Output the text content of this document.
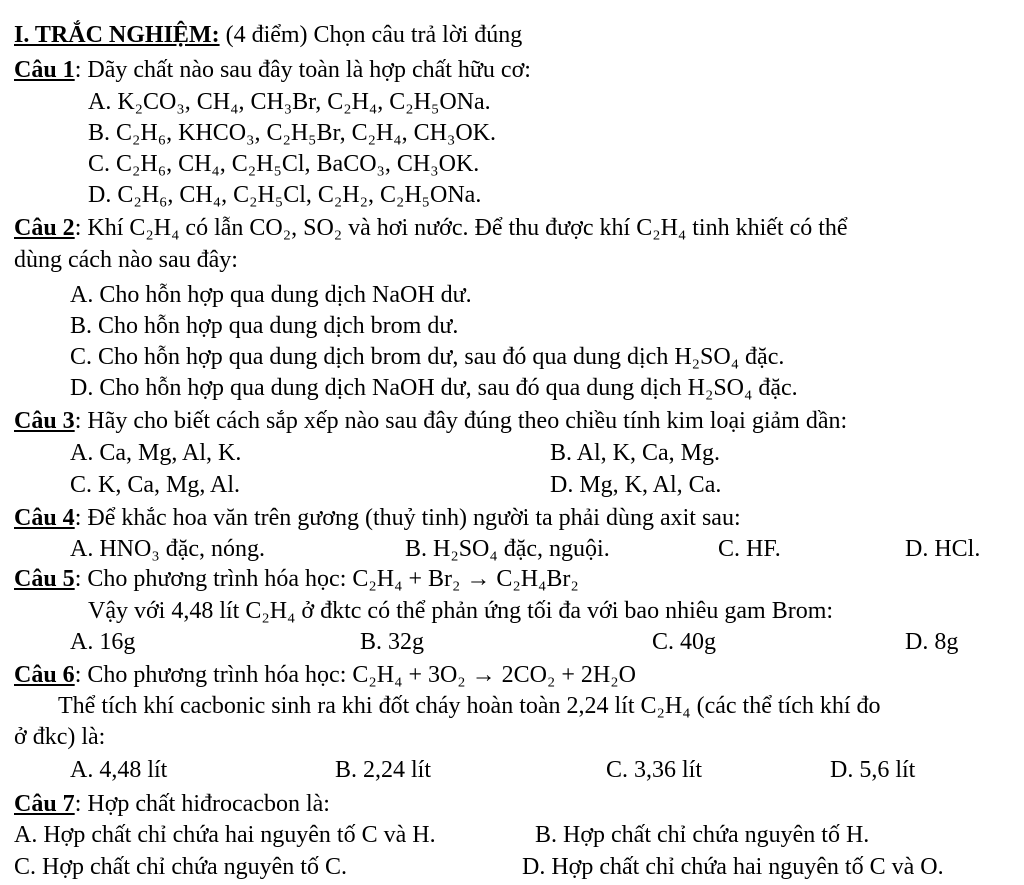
I. TRẮC NGHIỆM: (4 điểm) Chọn câu trả lời đúng
Câu 1: Dãy chất nào sau đây toàn là hợp chất hữu cơ:
A. K₂CO₃, CH₄, CH₃Br, C₂H₄, C₂H₅ONa.
B. C₂H₆, KHCO₃, C₂H₅Br, C₂H₄, CH₃OK.
C. C₂H₆, CH₄, C₂H₅Cl, BaCO₃, CH₃OK.
D. C₂H₆, CH₄, C₂H₅Cl, C₂H₂, C₂H₅ONa.
Câu 2: Khí C₂H₄ có lẫn CO₂, SO₂ và hơi nước. Để thu được khí C₂H₄ tinh khiết có thể
dùng cách nào sau đây:
A. Cho hỗn hợp qua dung dịch NaOH dư.
B. Cho hỗn hợp qua dung dịch brom dư.
C. Cho hỗn hợp qua dung dịch brom dư, sau đó qua dung dịch H₂SO₄ đặc.
D. Cho hỗn hợp qua dung dịch NaOH dư, sau đó qua dung dịch H₂SO₄ đặc.
Câu 3: Hãy cho biết cách sắp xếp nào sau đây đúng theo chiều tính kim loại giảm dần:
A. Ca, Mg, Al, K.	B. Al, K, Ca, Mg.
C. K, Ca, Mg, Al.	D. Mg, K, Al, Ca.
Câu 4: Để khắc hoa văn trên gương (thuỷ tinh) người ta phải dùng axit sau:
A. HNO₃ đặc, nóng.	B. H₂SO₄ đặc, nguội.	C. HF.	D. HCl.
Câu 5: Cho phương trình hóa học: C₂H₄ + Br₂ → C₂H₄Br₂
Vậy với 4,48 lít C₂H₄ ở đktc có thể phản ứng tối đa với bao nhiêu gam Brom:
A. 16g	B. 32g	C. 40g	D. 8g
Câu 6: Cho phương trình hóa học: C₂H₄ + 3O₂ → 2CO₂ + 2H₂O
Thể tích khí cacbonic sinh ra khi đốt cháy hoàn toàn 2,24 lít C₂H₄ (các thể tích khí đo
ở đkc) là:
A. 4,48 lít	B. 2,24 lít	C. 3,36 lít	D. 5,6 lít
Câu 7: Hợp chất hiđrocacbon là:
A. Hợp chất chỉ chứa hai nguyên tố C và H.	B. Hợp chất chỉ chứa nguyên tố H.
C. Hợp chất chỉ chứa nguyên tố C.	D. Hợp chất chỉ chứa hai nguyên tố C và O.
